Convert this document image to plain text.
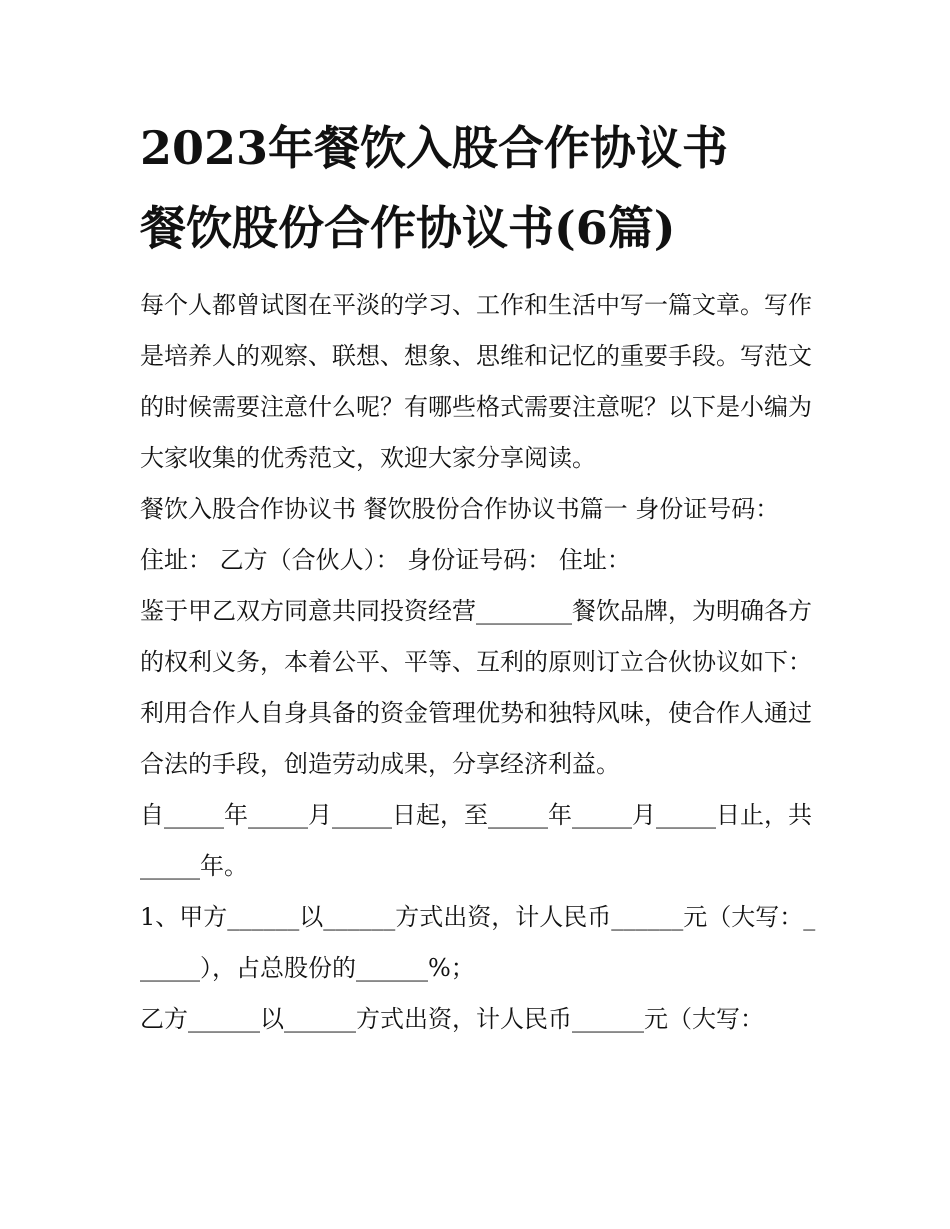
2023年餐饮入股合作协议书
餐饮股份合作协议书(6篇)

每个人都曾试图在平淡的学习、工作和生活中写一篇文章。写作是培养人的观察、联想、想象、思维和记忆的重要手段。写范文的时候需要注意什么呢？有哪些格式需要注意呢？以下是小编为大家收集的优秀范文，欢迎大家分享阅读。

餐饮入股合作协议书 餐饮股份合作协议书篇一 身份证号码：

住址： 乙方（合伙人）： 身份证号码： 住址：

鉴于甲乙双方同意共同投资经营________餐饮品牌，为明确各方的权利义务，本着公平、平等、互利的原则订立合伙协议如下：

利用合作人自身具备的资金管理优势和独特风味，使合作人通过合法的手段，创造劳动成果，分享经济利益。

自_____年_____月_____日起，至_____年_____月_____日止，共_____年。

1、甲方______以______方式出资，计人民币______元（大写：______），占总股份的______%；

乙方______以______方式出资，计人民币______元（大写：
